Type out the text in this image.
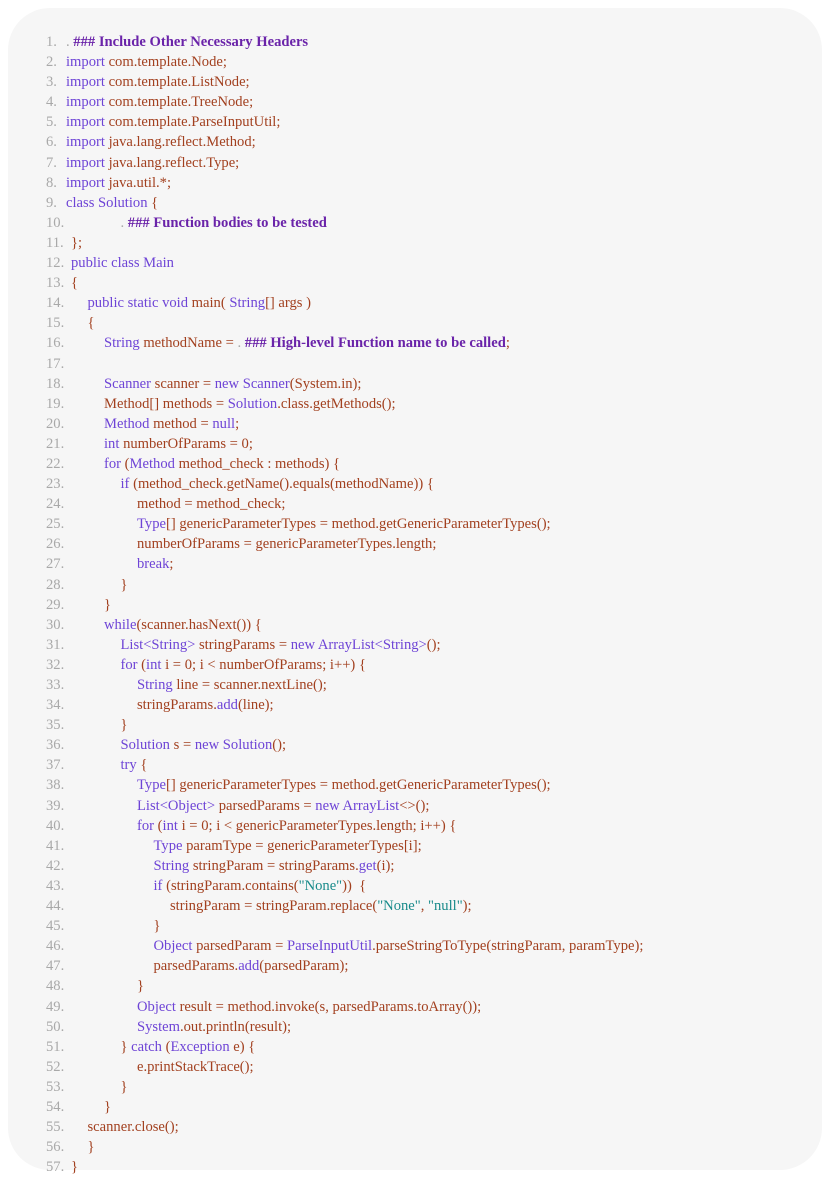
1. . ### Include Other Necessary Headers
2. import com.template.Node;
3. import com.template.ListNode;
4. import com.template.TreeNode;
5. import com.template.ParseInputUtil;
6. import java.lang.reflect.Method;
7. import java.lang.reflect.Type;
8. import java.util.*;
9. class Solution {
10.	. ### Function bodies to be tested
11. };
12. public class Main
13. {
14. public static void main( String[] args )
15. {
16.	String methodName = . ### High-level Function name to be called;
17.
18.	Scanner scanner = new Scanner(System.in);
19.	Method[] methods = Solution.class.getMethods();
20.	Method method = null;
21.	int numberOfParams = 0;
22.	for (Method method_check : methods) {
23.	if (method_check.getName().equals(methodName)) {
24.	method = method_check;
25.	Type[] genericParameterTypes = method.getGenericParameterTypes();
26.	numberOfParams = genericParameterTypes.length;
27.	break;
28.	}
29.	}
30.	while(scanner.hasNext()) {
31.	List<String> stringParams = new ArrayList<String>();
32.	for (int i = 0; i < numberOfParams; i++) {
33.	String line = scanner.nextLine();
34.	stringParams.add(line);
35.	}
36.	Solution s = new Solution();
37.	try {
38.	Type[] genericParameterTypes = method.getGenericParameterTypes();
39.	List<Object> parsedParams = new ArrayList<>();
40.	for (int i = 0; i < genericParameterTypes.length; i++) {
41.	Type paramType = genericParameterTypes[i];
42.	String stringParam = stringParams.get(i);
43.	if (stringParam.contains("None"))  {
44.	stringParam = stringParam.replace("None", "null");
45.	}
46.	Object parsedParam = ParseInputUtil.parseStringToType(stringParam, paramType);
47.	parsedParams.add(parsedParam);
48.	}
49.	Object result = method.invoke(s, parsedParams.toArray());
50.	System.out.println(result);
51.	} catch (Exception e) {
52.	e.printStackTrace();
53.	}
54.	}
55. scanner.close();
56. }
57. }
